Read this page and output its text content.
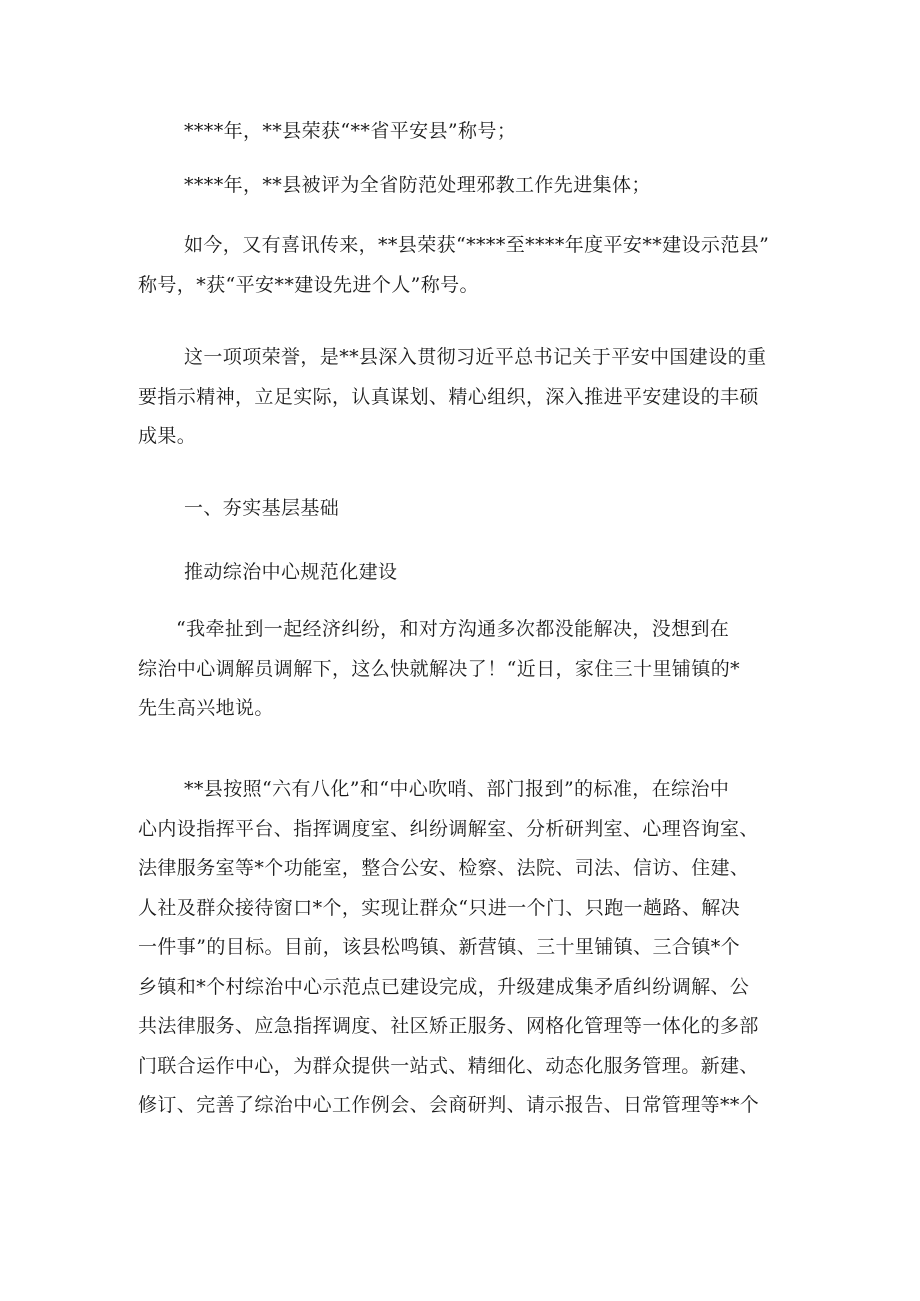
****年，**县荣获“**省平安县”称号；

****年，**县被评为全省防范处理邪教工作先进集体；

如今，又有喜讯传来，**县荣获“****至****年度平安**建设示范县”
称号，*获“平安**建设先进个人”称号。

这一项项荣誉，是**县深入贯彻习近平总书记关于平安中国建设的重
要指示精神，立足实际，认真谋划、精心组织，深入推进平安建设的丰硕
成果。

一、夯实基层基础

推动综治中心规范化建设

“我牵扯到一起经济纠纷，和对方沟通多次都没能解决，没想到在
综治中心调解员调解下，这么快就解决了！“近日，家住三十里铺镇的*
先生高兴地说。

**县按照“六有八化”和“中心吹哨、部门报到”的标准，在综治中
心内设指挥平台、指挥调度室、纠纷调解室、分析研判室、心理咨询室、
法律服务室等*个功能室，整合公安、检察、法院、司法、信访、住建、
人社及群众接待窗口*个，实现让群众“只进一个门、只跑一趟路、解决
一件事”的目标。目前，该县松鸣镇、新营镇、三十里铺镇、三合镇*个
乡镇和*个村综治中心示范点已建设完成，升级建成集矛盾纠纷调解、公
共法律服务、应急指挥调度、社区矫正服务、网格化管理等一体化的多部
门联合运作中心，为群众提供一站式、精细化、动态化服务管理。新建、
修订、完善了综治中心工作例会、会商研判、请示报告、日常管理等**个
